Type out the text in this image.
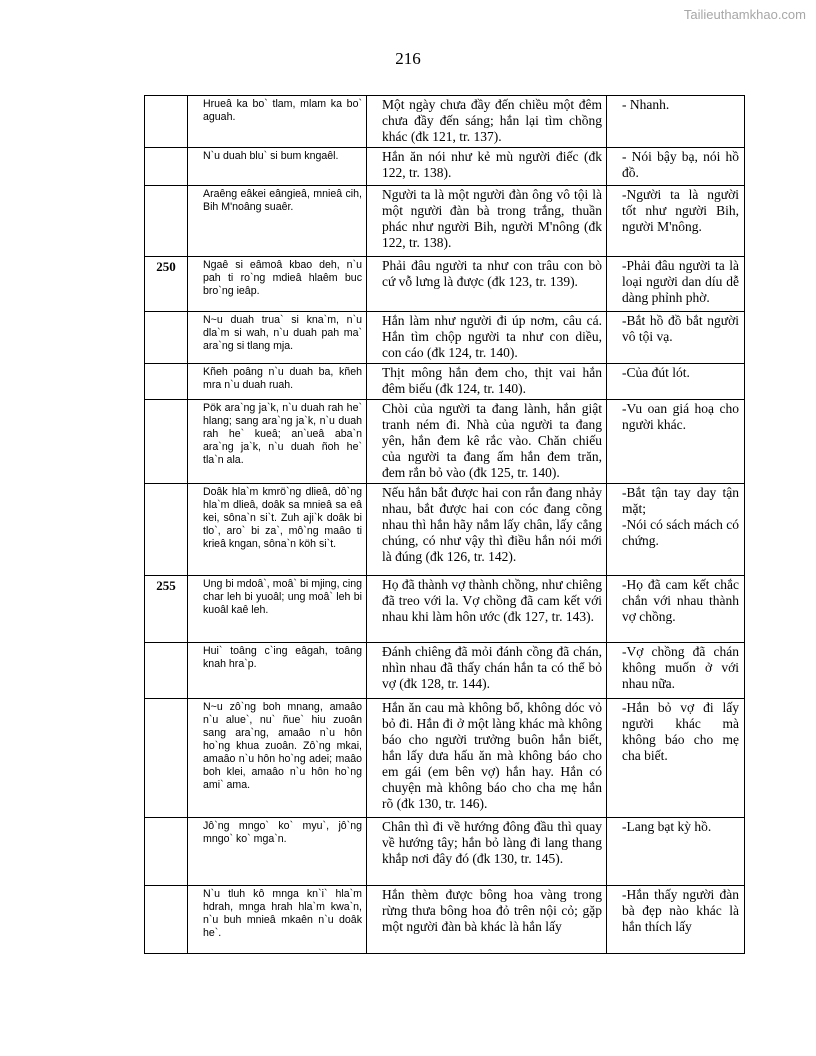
Tailieuthamkhao.com
216
	Hrueâ ka bo` tlam, mlam ka bo` aguah.	Một ngày chưa đầy đến chiều một đêm chưa đầy đến sáng; hắn lại tìm chồng khác (đk 121, tr. 137).	- Nhanh.

	N`u duah blu` si bum kngaêl.	Hắn ăn nói như kẻ mù người điếc (đk 122, tr. 138).	- Nói bậy bạ, nói hồ đồ.

	Araêng eâkei eângieâ, mnieâ cih, Bih M'noâng suaêr.	Người ta là một người đàn ông vô tội là một người đàn bà trong trắng, thuần phác như người Bih, người M'nông (đk 122, tr. 138).	-Người ta là người tốt như người Bih, người M'nông.

250	Ngaê si eâmoâ kbao deh, n`u pah ti ro`ng mdieâ hlaêm buc bro`ng ieâp.	Phải đâu người ta như con trâu con bò cứ vỗ lưng là được (đk 123, tr. 139).	-Phải đâu người ta là loại người dan díu dễ dàng phỉnh phờ.

	N~u duah trua` si kna`m, n`u dla`m si wah, n`u duah pah ma` ara`ng si tlang mja.	Hắn làm như người đi úp nơm, câu cá. Hắn tìm chộp người ta như con diều, con cáo (đk 124, tr. 140).	-Bắt hồ đồ bắt người vô tội vạ.

	Kñeh poâng n`u duah ba, kñeh mra n`u duah ruah.	Thịt mông hắn đem cho, thịt vai hắn đêm biếu (đk 124, tr. 140).	-Của đút lót.

	Pök ara`ng ja`k, n`u duah rah he` hlang; sang ara`ng ja`k, n`u duah rah he` kueâ; an`ueâ aba`n ara`ng ja`k, n`u duah ñoh he` tla`n ala.	Chòi của người ta đang lành, hắn giật tranh ném đi. Nhà của người ta đang yên, hắn đem kê rắc vào. Chăn chiếu của người ta đang ấm hắn đem trăn, đem rắn bỏ vào (đk 125, tr. 140).	-Vu oan giá hoạ cho người khác.

	Doâk hla`m kmrö`ng dlieâ, dô`ng hla`m dlieâ, doâk sa mnieâ sa eâ kei, sôna`n si`t. Zuh aji`k doâk bi tlo`, aro` bi za`, mô`ng maâo ti krieâ kngan, sôna`n köh si`t.	Nếu hắn bắt được hai con rắn đang nhảy nhau, bắt được hai con cóc đang cõng nhau thì hắn hãy nắm lấy chân, lấy cẳng chúng, có như vậy thì điều hắn nói mới là đúng (đk 126, tr. 142).	-Bắt tận tay day tận mặt;
-Nói có sách mách có chứng.

255	Ung bi mdoâ`, moâ` bi mjing, cing char leh bi yuoâl; ung moâ` leh bi kuoâl kaê leh.	Họ đã thành vợ thành chồng, như chiêng đã treo với la. Vợ chồng đã cam kết với nhau khi làm hôn ước (đk 127, tr. 143).	-Họ đã cam kết chắc chắn với nhau thành vợ chồng.

	Hui` toâng c`ing eâgah, toâng knah hra`p.	Đánh chiêng đã mỏi đánh cồng đã chán, nhìn nhau đã thấy chán hắn ta có thể bỏ vợ (đk 128, tr. 144).	-Vợ chồng đã chán không muốn ở với nhau nữa.

	N~u zô`ng boh mnang, amaâo n`u alue`, nu` ñue` hiu zuoân sang ara`ng, amaâo n`u hôn ho`ng khua zuoân. Zô`ng mkai, amaâo n`u hôn ho`ng adei; maâo boh klei, amaâo n`u hôn ho`ng ami` ama.	Hắn ăn cau mà không bổ, không dóc vỏ bỏ đi. Hắn đi ở một làng khác mà không báo cho người trưởng buôn hắn biết, hắn lấy dưa hấu ăn mà không báo cho em gái (em bên vợ) hắn hay. Hắn có chuyện mà không báo cho cha mẹ hắn rõ (đk 130, tr. 146).	-Hắn bỏ vợ đi lấy người khác mà không báo cho mẹ cha biết.

	Jô`ng mngo` ko` myu`, jô`ng mngo` ko` mga`n.	Chân thì đi về hướng đông đầu thì quay về hướng tây; hắn bỏ làng đi lang thang khắp nơi đây đó (đk 130, tr. 145).	-Lang bạt kỳ hồ.

	N`u tluh kô mnga kn`i` hla`m hdrah, mnga hrah hla`m kwa`n, n`u buh mnieâ mkaên n`u doâk he`.	Hắn thèm được bông hoa vàng trong rừng thưa bông hoa đỏ trên nội cỏ; gặp một người đàn bà khác là hắn lấy	-Hắn thấy người đàn bà đẹp nào khác là hắn thích lấy
